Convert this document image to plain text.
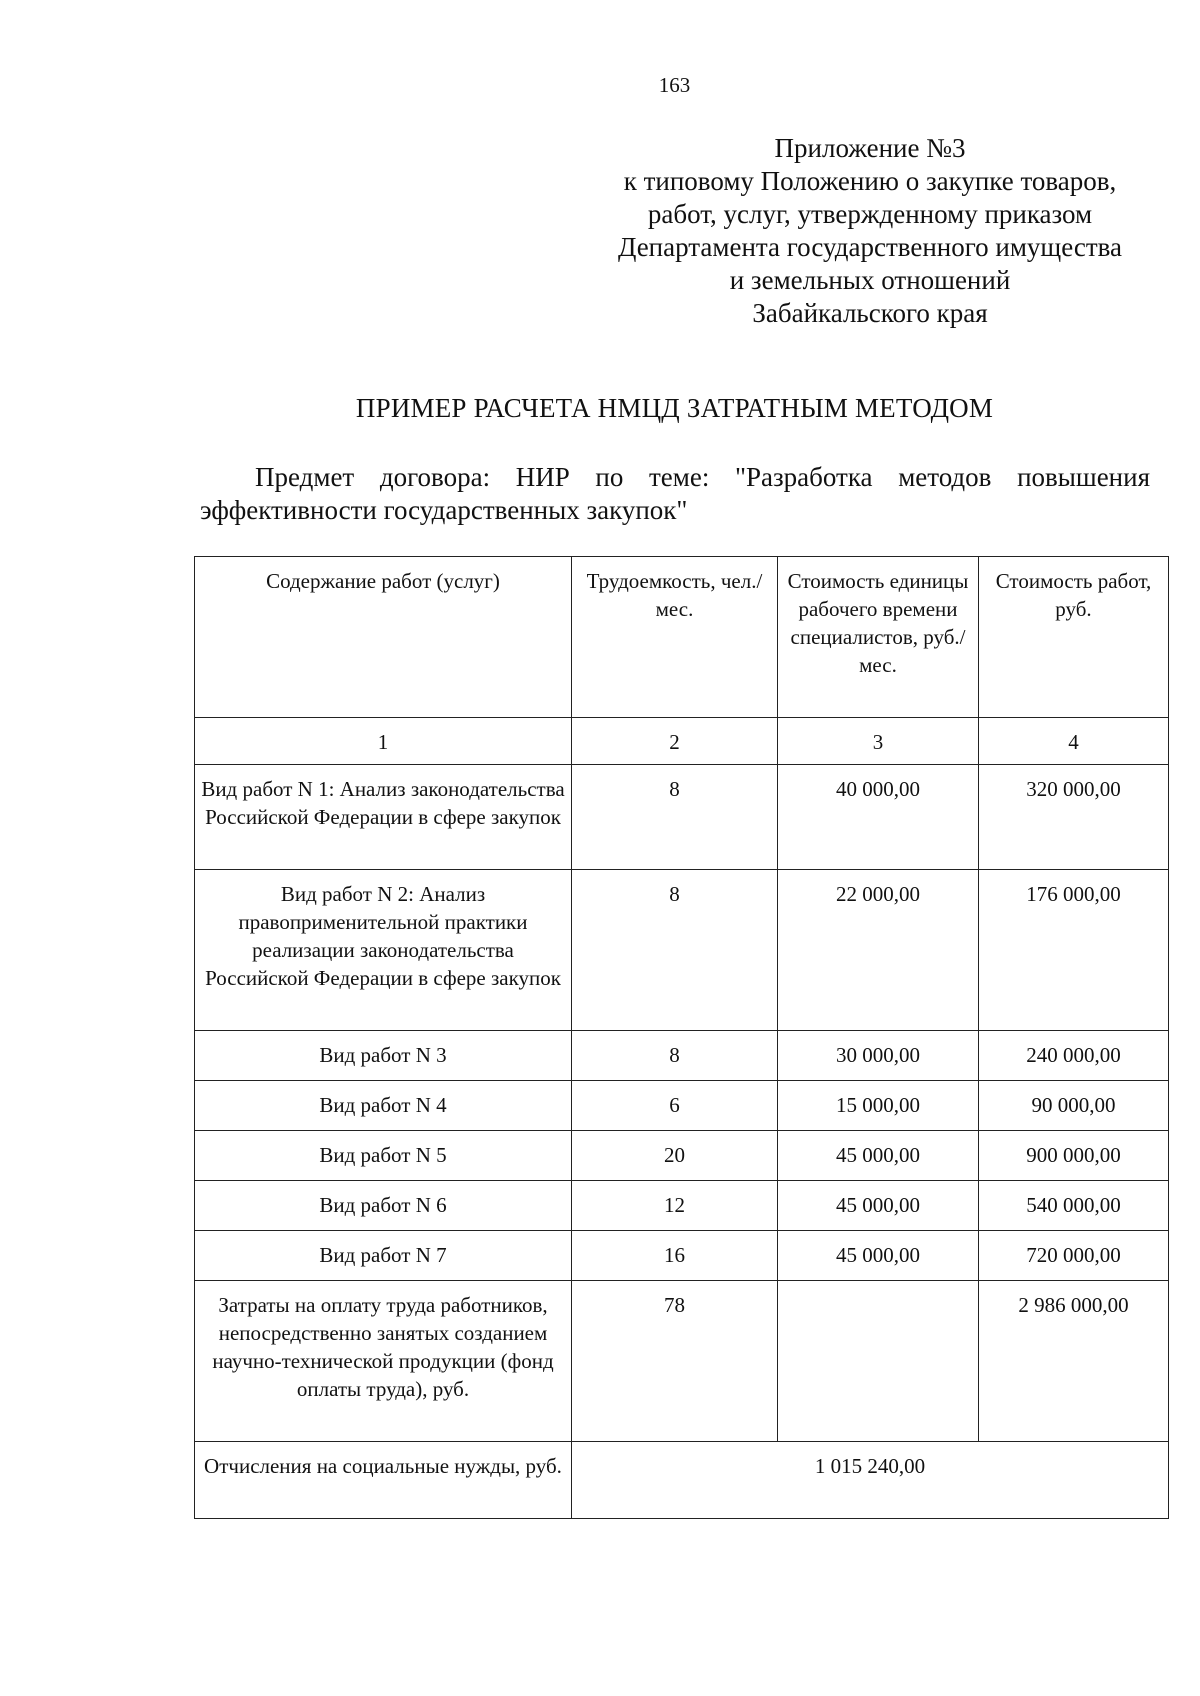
163
Приложение №3
к типовому Положению о закупке товаров,
работ, услуг, утвержденному приказом
Департамента государственного имущества
и земельных отношений
Забайкальского края
ПРИМЕР РАСЧЕТА НМЦД ЗАТРАТНЫМ МЕТОДОМ
Предмет договора: НИР по теме: "Разработка методов повышения эффективности государственных закупок"
Содержание работ (услуг)	Трудоемкость, чел./мес.	Стоимость единицы рабочего времени специалистов, руб./мес.	Стоимость работ, руб.
1	2	3	4
Вид работ N 1: Анализ законодательства Российской Федерации в сфере закупок	8	40 000,00	320 000,00
Вид работ N 2: Анализ правоприменительной практики реализации законодательства Российской Федерации в сфере закупок	8	22 000,00	176 000,00
Вид работ N 3	8	30 000,00	240 000,00
Вид работ N 4	6	15 000,00	90 000,00
Вид работ N 5	20	45 000,00	900 000,00
Вид работ N 6	12	45 000,00	540 000,00
Вид работ N 7	16	45 000,00	720 000,00
Затраты на оплату труда работников, непосредственно занятых созданием научно-технической продукции (фонд оплаты труда), руб.	78		2 986 000,00
Отчисления на социальные нужды, руб.	1 015 240,00		
